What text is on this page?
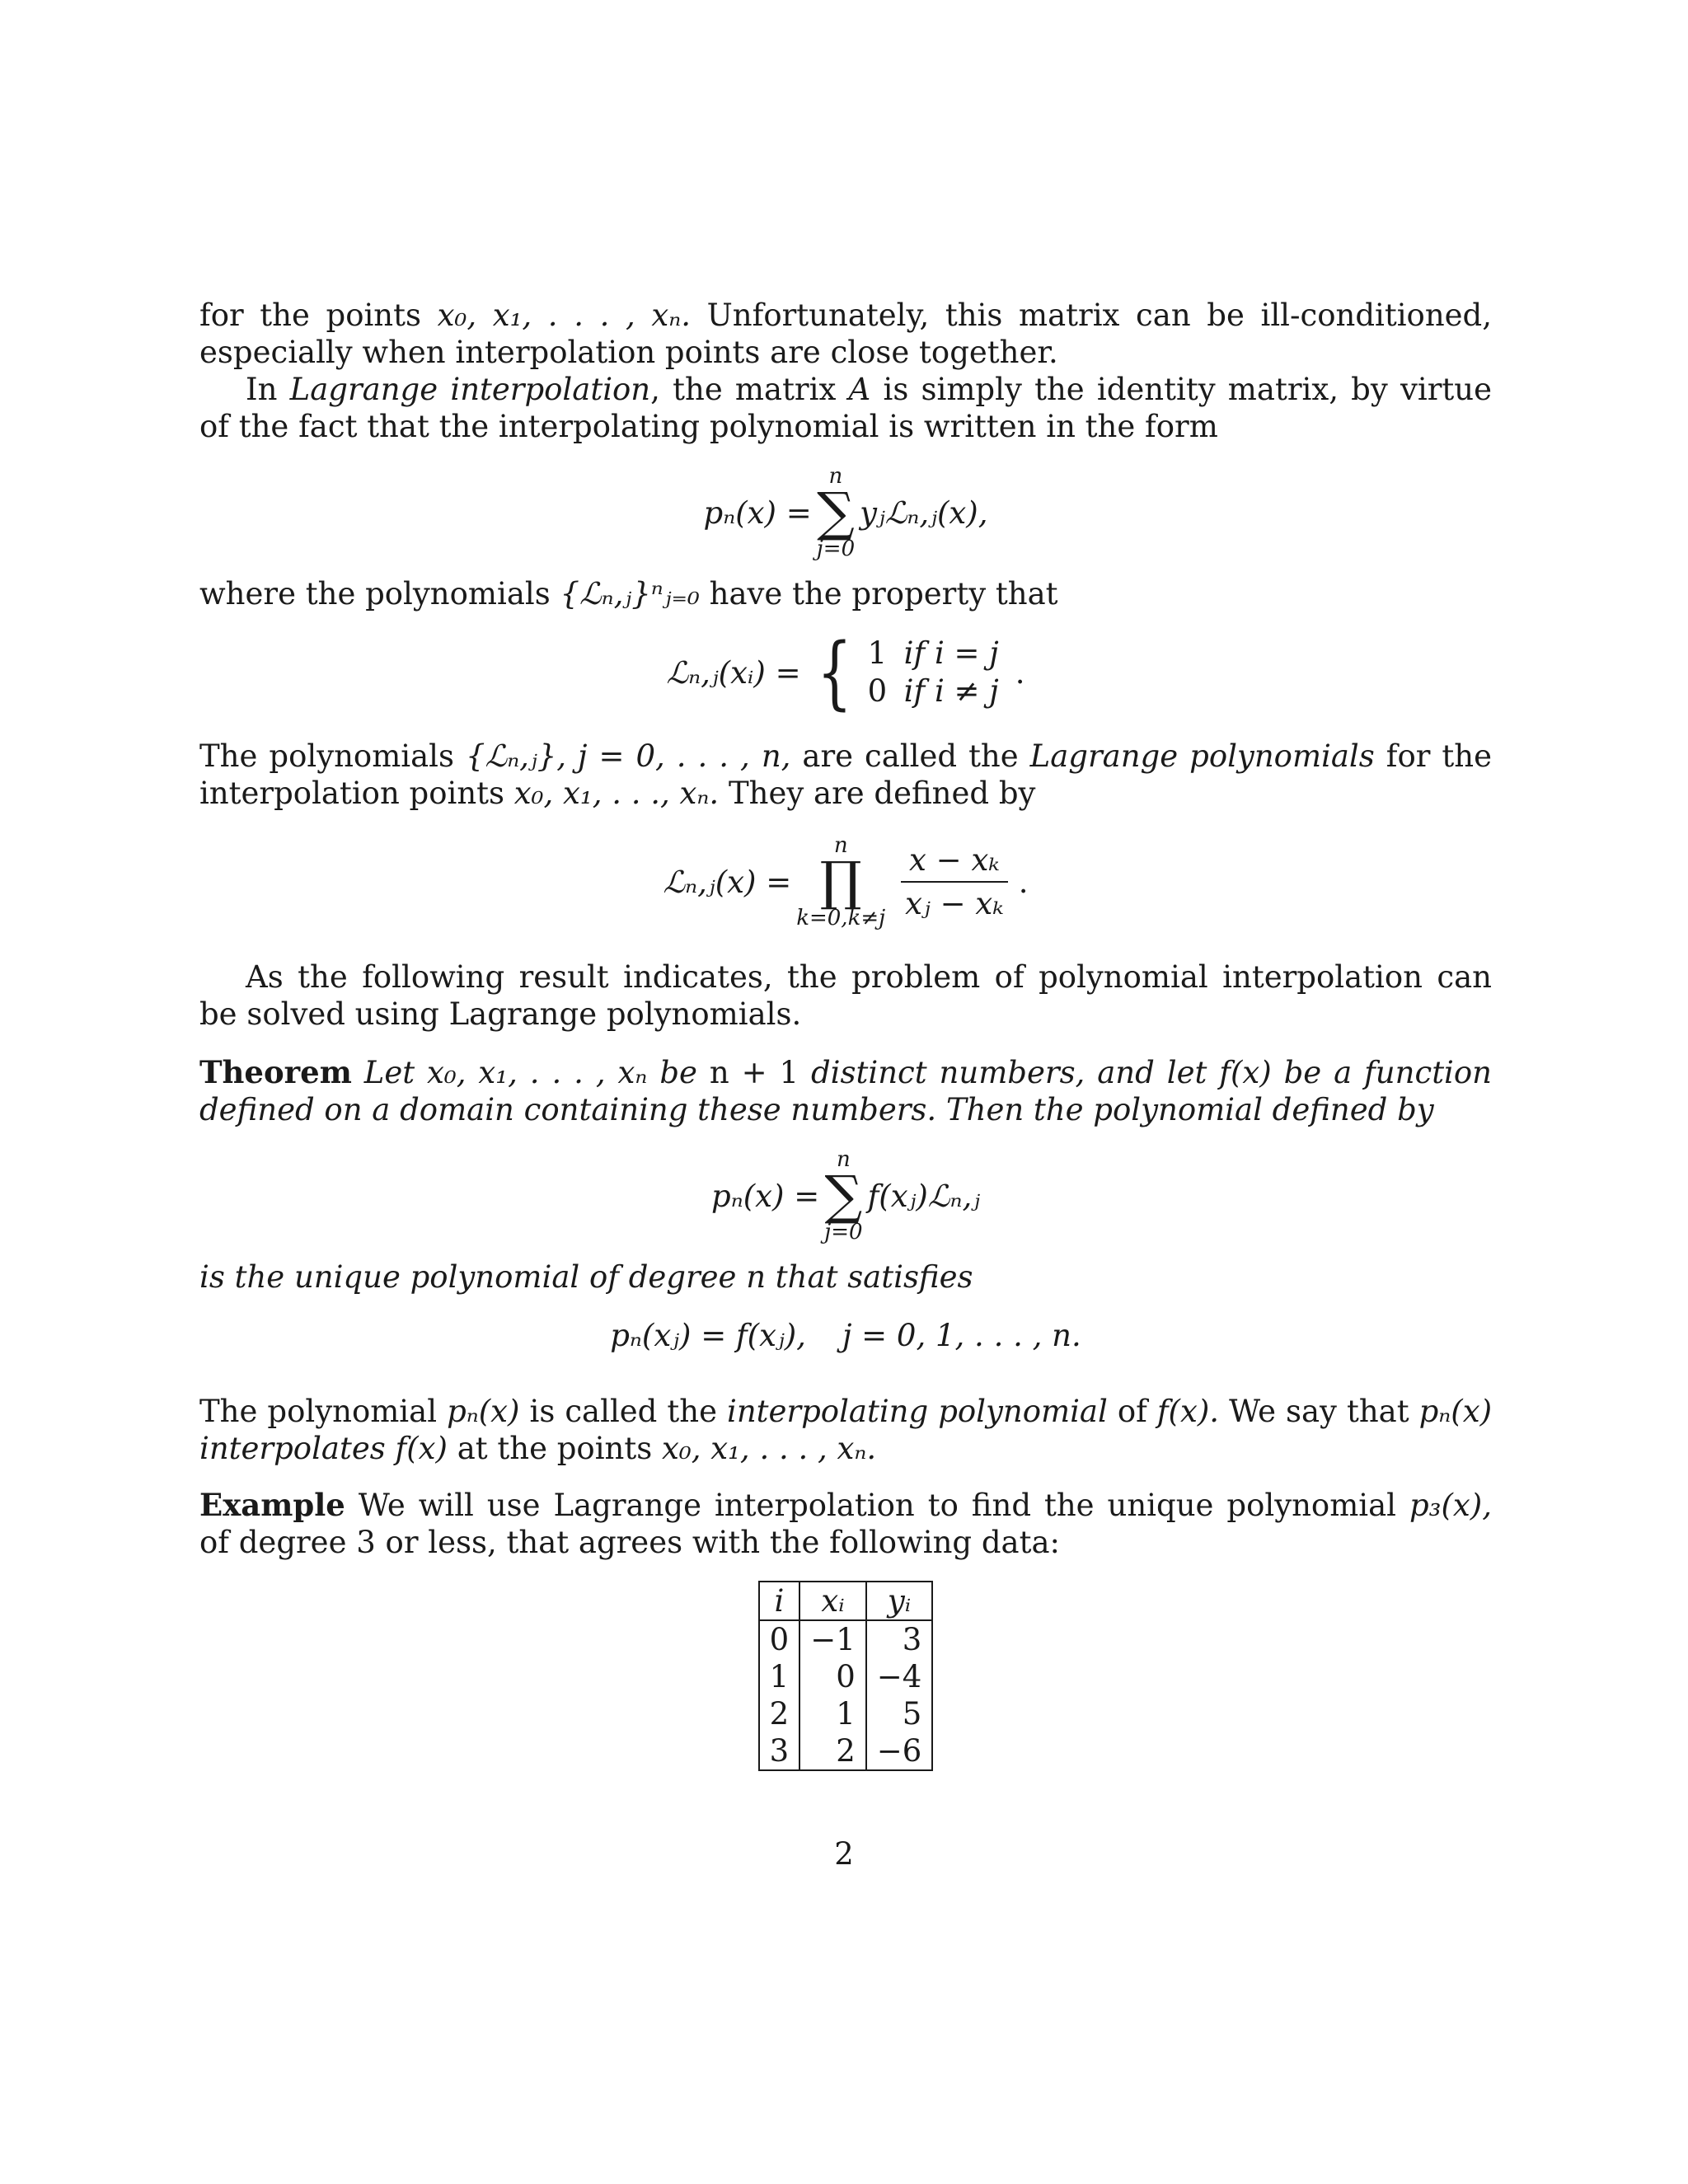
for the points x₀, x₁, . . . , xₙ. Unfortunately, this matrix can be ill-conditioned, especially when interpolation points are close together.

In Lagrange interpolation, the matrix A is simply the identity matrix, by virtue of the fact that the interpolating polynomial is written in the form

pₙ(x) =
n
∑
j=0
yⱼℒₙ,ⱼ(x),

where the polynomials {ℒₙ,ⱼ}ⁿⱼ₌₀ have the property that

ℒₙ,ⱼ(xᵢ) = { 1 if i = j
0 if i ≠ j
.

The polynomials {ℒₙ,ⱼ}, j = 0, . . . , n, are called the Lagrange polynomials for the interpolation points x₀, x₁, . . ., xₙ. They are defined by

ℒₙ,ⱼ(x) =
n
∏
$k=0,k\ne j \frac{\text{x − xₖ}}{\text{xⱼ − xₖ}}$ .

As the following result indicates, the problem of polynomial interpolation can be solved using Lagrange polynomials.

Theorem Let x₀, x₁, . . . , xₙ be n + 1 distinct numbers, and let f(x) be a function defined on a domain containing these numbers. Then the polynomial defined by

pₙ(x) =
n
∑
j=0
f(xⱼ)ℒₙ,ⱼ

is the unique polynomial of degree n that satisfies

pₙ(xⱼ) = f(xⱼ), j = 0, 1, . . . , n.

The polynomial pₙ(x) is called the interpolating polynomial of f(x). We say that pₙ(x) interpolates f(x) at the points x₀, x₁, . . . , xₙ.

Example We will use Lagrange interpolation to find the unique polynomial p₃(x), of degree 3 or less, that agrees with the following data:

i	xᵢ	yᵢ
0	−1	3
1	0	−4
2	1	5
3	2	−6
2
